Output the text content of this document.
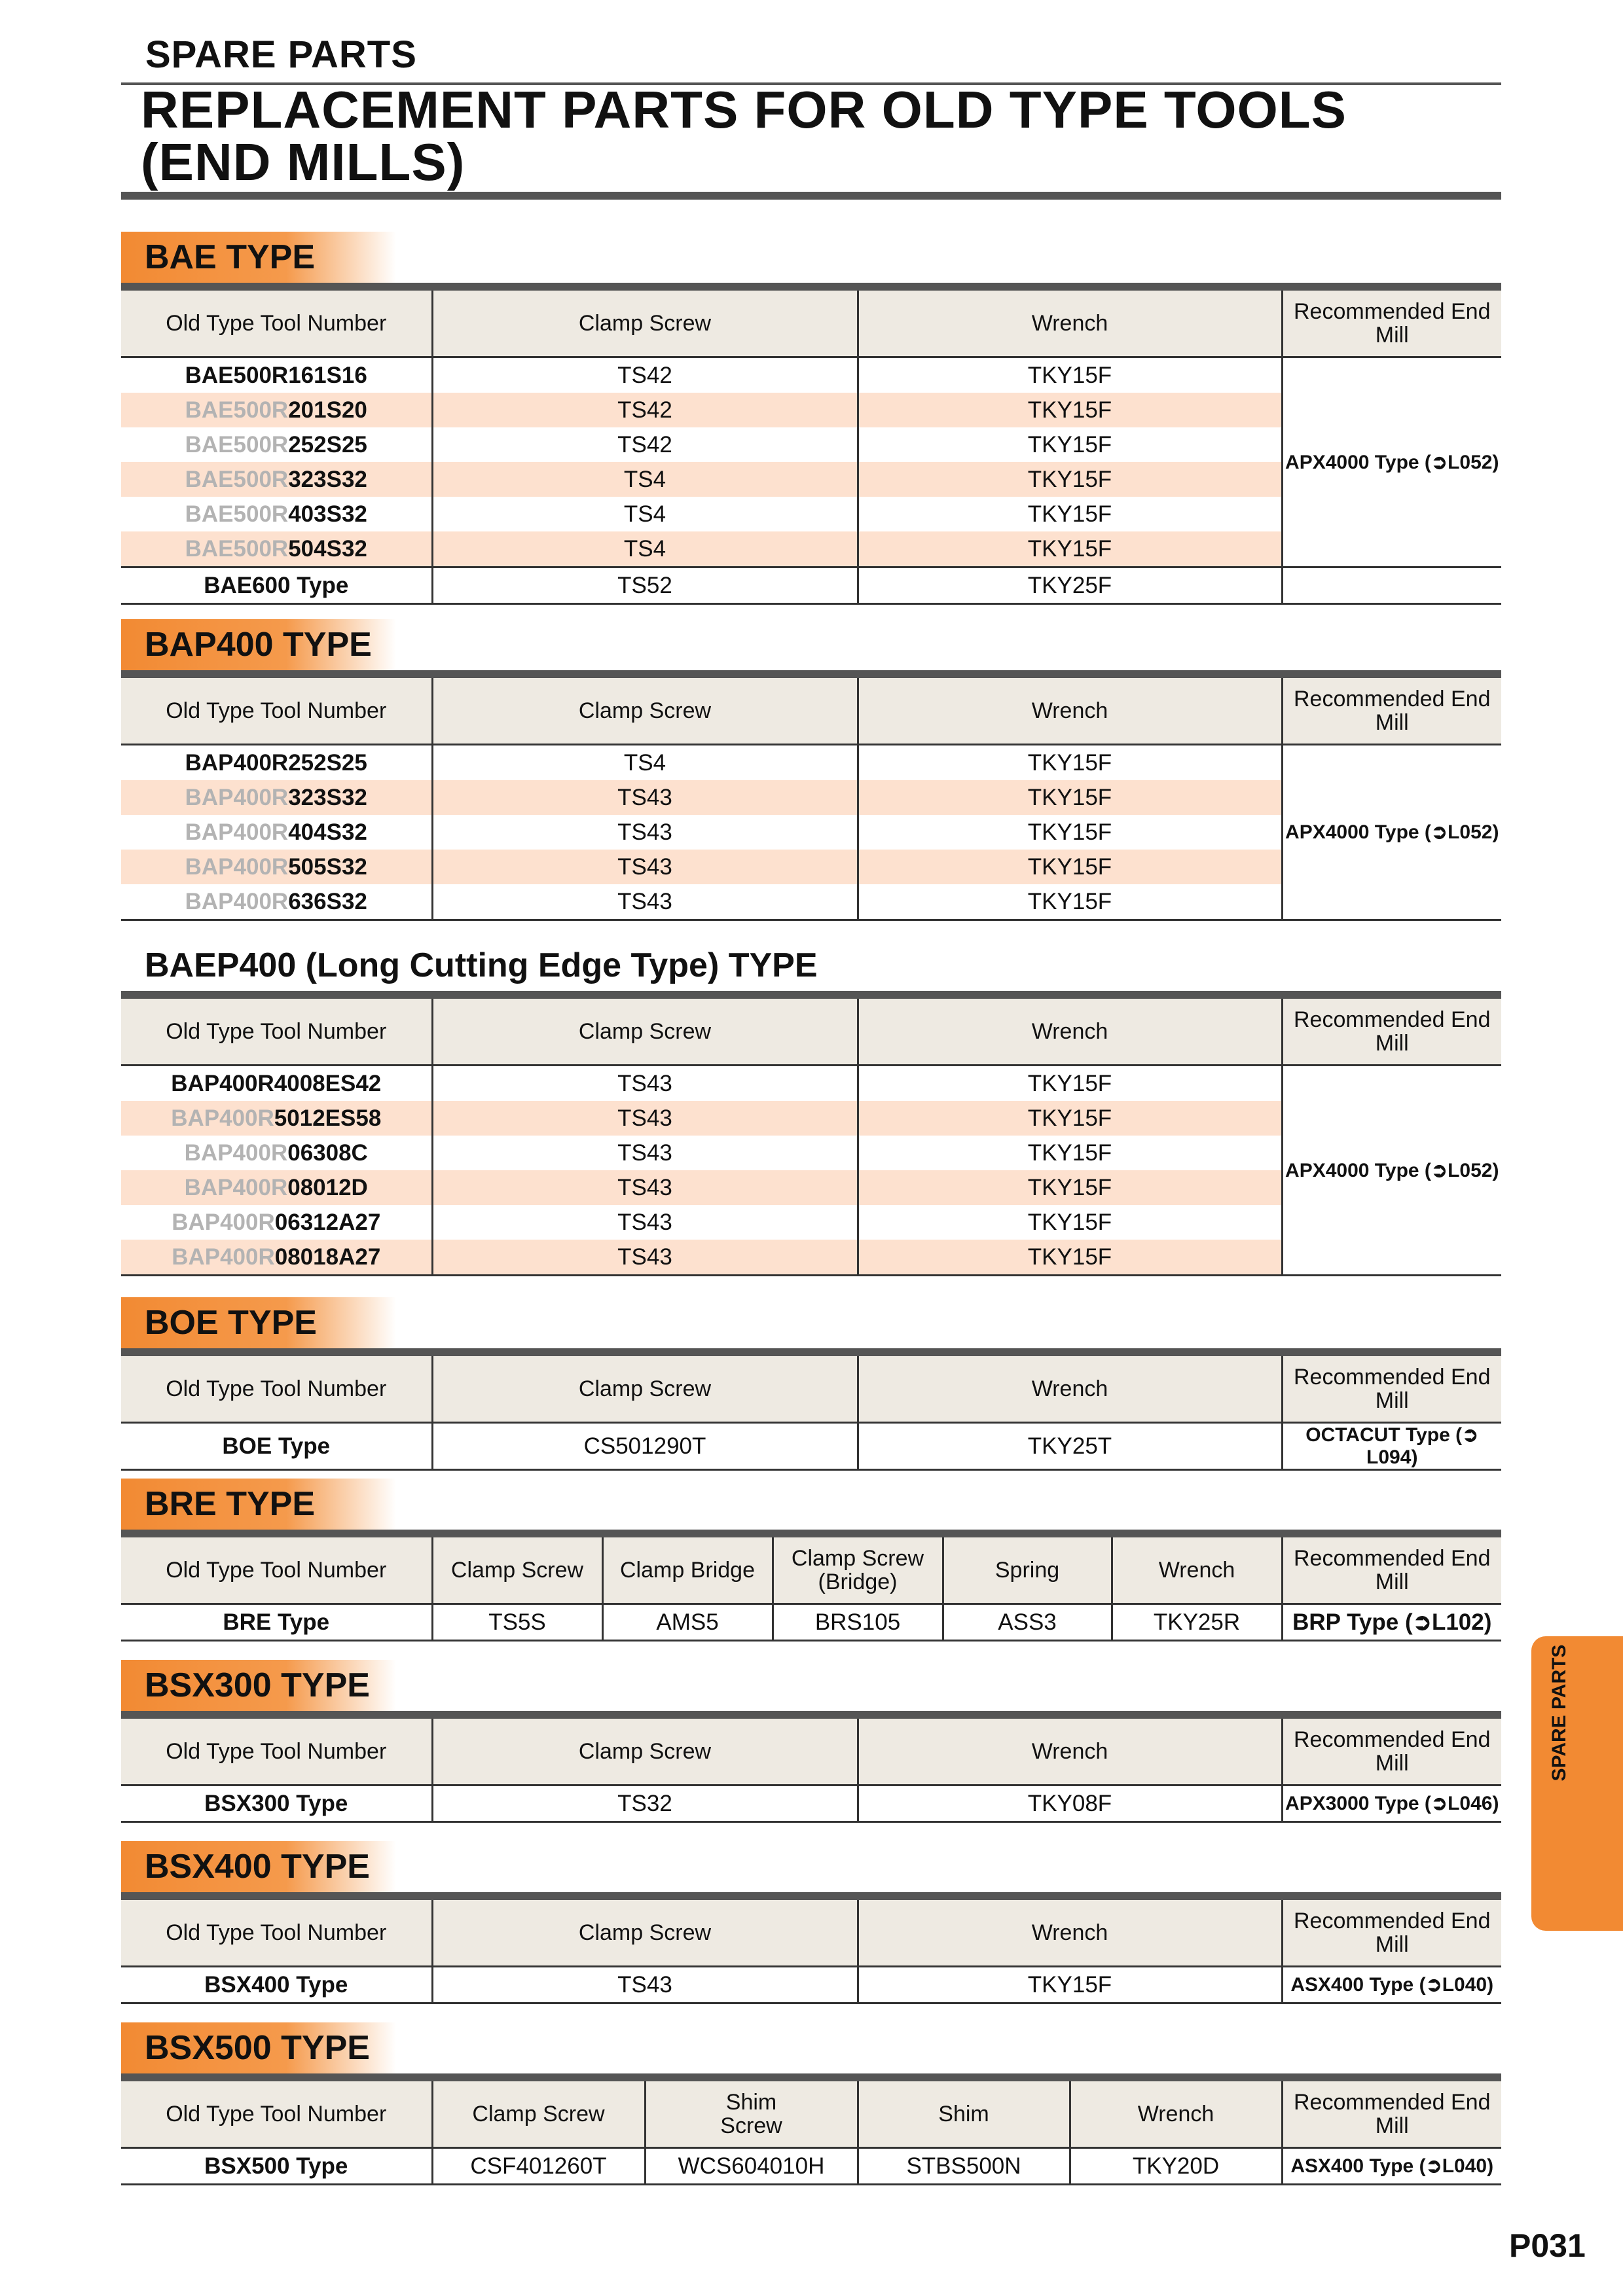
SPARE PARTS
REPLACEMENT PARTS FOR OLD TYPE TOOLS
(END MILLS)
BAE TYPE
Old Type Tool Number	Clamp Screw	Wrench	Recommended End Mill
BAE500R161S16	TS42	TKY15F	APX4000 Type (➲L052)
BAE500R201S20	TS42	TKY15F	
BAE500R252S25	TS42	TKY15F	
BAE500R323S32	TS4	TKY15F	
BAE500R403S32	TS4	TKY15F	
BAE500R504S32	TS4	TKY15F	
BAE600 Type	TS52	TKY25F	
BAP400 TYPE
Old Type Tool Number	Clamp Screw	Wrench	Recommended End Mill
BAP400R252S25	TS4	TKY15F	APX4000 Type (➲L052)
BAP400R323S32	TS43	TKY15F	
BAP400R404S32	TS43	TKY15F	
BAP400R505S32	TS43	TKY15F	
BAP400R636S32	TS43	TKY15F	
BAEP400 (Long Cutting Edge Type) TYPE
Old Type Tool Number	Clamp Screw	Wrench	Recommended End Mill
BAP400R4008ES42	TS43	TKY15F	APX4000 Type (➲L052)
BAP400R5012ES58	TS43	TKY15F	
BAP400R06308C	TS43	TKY15F	
BAP400R08012D	TS43	TKY15F	
BAP400R06312A27	TS43	TKY15F	
BAP400R08018A27	TS43	TKY15F	
BOE TYPE
Old Type Tool Number	Clamp Screw	Wrench	Recommended End Mill
BOE Type	CS501290T	TKY25T	OCTACUT Type (➲L094)
BRE TYPE
Old Type Tool Number	Clamp Screw	Clamp Bridge	Clamp Screw (Bridge)	Spring	Wrench	Recommended End Mill
BRE Type	TS5S	AMS5	BRS105	ASS3	TKY25R	BRP Type (➲L102)
BSX300 TYPE
Old Type Tool Number	Clamp Screw	Wrench	Recommended End Mill
BSX300 Type	TS32	TKY08F	APX3000 Type (➲L046)
BSX400 TYPE
Old Type Tool Number	Clamp Screw	Wrench	Recommended End Mill
BSX400 Type	TS43	TKY15F	ASX400 Type (➲L040)
BSX500 TYPE
Old Type Tool Number	Clamp Screw	Shim Screw	Shim	Wrench	Recommended End Mill
BSX500 Type	CSF401260T	WCS604010H	STBS500N	TKY20D	ASX400 Type (➲L040)
SPARE PARTS
P031
